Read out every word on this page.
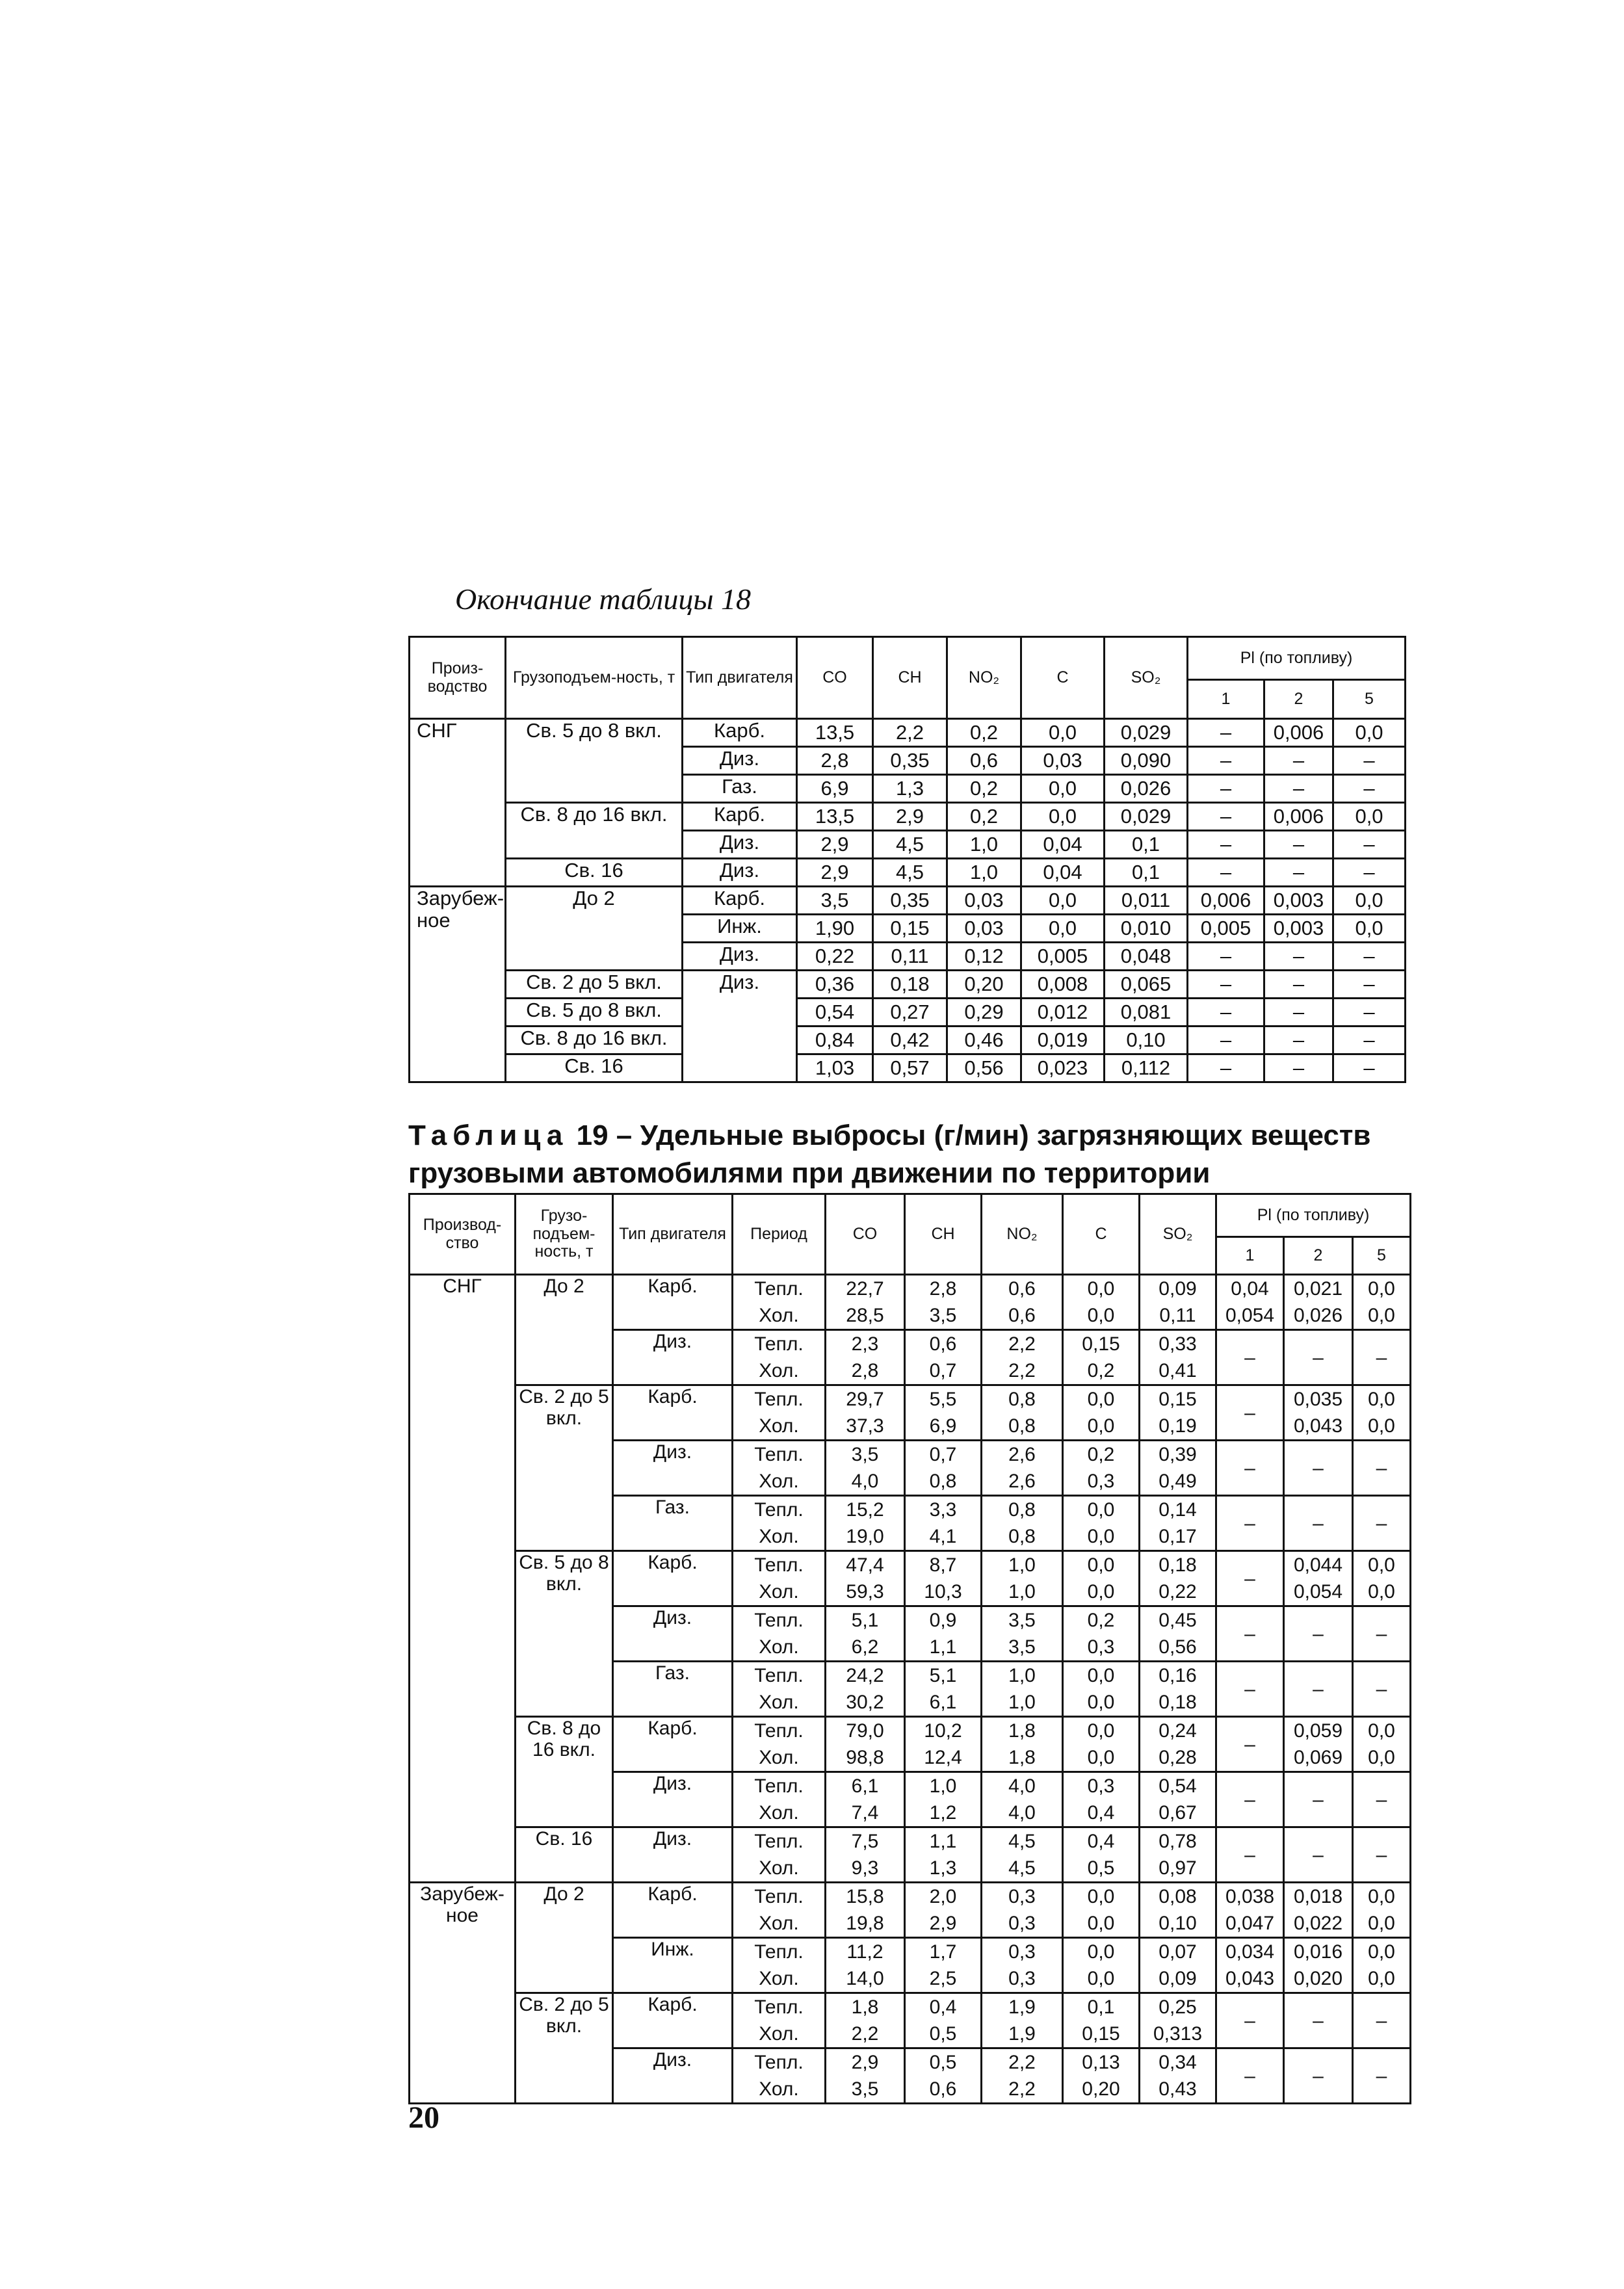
Окончание таблицы 18
Произ-водство	Грузоподъем-ность, т	Тип двигателя	CO	CH	NO₂	C	SO₂	Pl (по топливу)		
								1	2	5
СНГ	Св. 5 до 8 вкл.	Карб.	13,5	2,2	0,2	0,0	0,029	–	0,006	0,0
		Диз.	2,8	0,35	0,6	0,03	0,090	–	–	–
		Газ.	6,9	1,3	0,2	0,0	0,026	–	–	–
	Св. 8 до 16 вкл.	Карб.	13,5	2,9	0,2	0,0	0,029	–	0,006	0,0
		Диз.	2,9	4,5	1,0	0,04	0,1	–	–	–
	Св. 16	Диз.	2,9	4,5	1,0	0,04	0,1	–	–	–
Зарубеж-ное	До 2	Карб.	3,5	0,35	0,03	0,0	0,011	0,006	0,003	0,0
		Инж.	1,90	0,15	0,03	0,0	0,010	0,005	0,003	0,0
		Диз.	0,22	0,11	0,12	0,005	0,048	–	–	–
	Св. 2 до 5 вкл.	Диз.	0,36	0,18	0,20	0,008	0,065	–	–	–
	Св. 5 до 8 вкл.		0,54	0,27	0,29	0,012	0,081	–	–	–
	Св. 8 до 16 вкл.		0,84	0,42	0,46	0,019	0,10	–	–	–
	Св. 16		1,03	0,57	0,56	0,023	0,112	–	–	–
Таблица 19 – Удельные выбросы (г/мин) загрязняющих веществ грузовыми автомобилями при движении по территории
Производ-ство	Грузо-подъем-ность, т	Тип двигателя	Период	CO	CH	NO₂	C	SO₂	Pl (по топливу)		
									1	2	5
СНГ	До 2	Карб.	Тепл.	22,7	2,8	0,6	0,0	0,09	0,04	0,021	0,0
			Хол.	28,5	3,5	0,6	0,0	0,11	0,054	0,026	0,0
		Диз.	Тепл.	2,3	0,6	2,2	0,15	0,33	–	–	–
			Хол.	2,8	0,7	2,2	0,2	0,41			
	Св. 2 до 5 вкл.	Карб.	Тепл.	29,7	5,5	0,8	0,0	0,15	–	0,035	0,0
			Хол.	37,3	6,9	0,8	0,0	0,19		0,043	0,0
		Диз.	Тепл.	3,5	0,7	2,6	0,2	0,39	–	–	–
			Хол.	4,0	0,8	2,6	0,3	0,49			
		Газ.	Тепл.	15,2	3,3	0,8	0,0	0,14	–	–	–
			Хол.	19,0	4,1	0,8	0,0	0,17			
	Св. 5 до 8 вкл.	Карб.	Тепл.	47,4	8,7	1,0	0,0	0,18	–	0,044	0,0
			Хол.	59,3	10,3	1,0	0,0	0,22		0,054	0,0
		Диз.	Тепл.	5,1	0,9	3,5	0,2	0,45	–	–	–
			Хол.	6,2	1,1	3,5	0,3	0,56			
		Газ.	Тепл.	24,2	5,1	1,0	0,0	0,16	–	–	–
			Хол.	30,2	6,1	1,0	0,0	0,18			
	Св. 8 до 16 вкл.	Карб.	Тепл.	79,0	10,2	1,8	0,0	0,24	–	0,059	0,0
			Хол.	98,8	12,4	1,8	0,0	0,28		0,069	0,0
		Диз.	Тепл.	6,1	1,0	4,0	0,3	0,54	–	–	–
			Хол.	7,4	1,2	4,0	0,4	0,67			
	Св. 16	Диз.	Тепл.	7,5	1,1	4,5	0,4	0,78	–	–	–
			Хол.	9,3	1,3	4,5	0,5	0,97			
Зарубеж-ное	До 2	Карб.	Тепл.	15,8	2,0	0,3	0,0	0,08	0,038	0,018	0,0
			Хол.	19,8	2,9	0,3	0,0	0,10	0,047	0,022	0,0
		Инж.	Тепл.	11,2	1,7	0,3	0,0	0,07	0,034	0,016	0,0
			Хол.	14,0	2,5	0,3	0,0	0,09	0,043	0,020	0,0
	Св. 2 до 5 вкл.	Карб.	Тепл.	1,8	0,4	1,9	0,1	0,25	–	–	–
			Хол.	2,2	0,5	1,9	0,15	0,313			
		Диз.	Тепл.	2,9	0,5	2,2	0,13	0,34	–	–	–
			Хол.	3,5	0,6	2,2	0,20	0,43			
20
